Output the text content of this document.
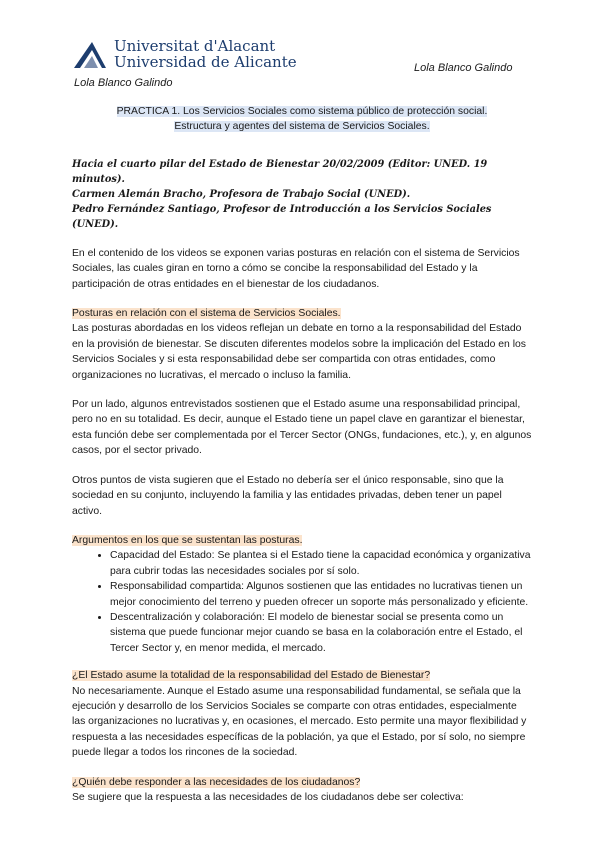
Universitat d'Alacant
Universidad de Alicante
Lola Blanco Galindo
Lola Blanco Galindo
PRACTICA 1. Los Servicios Sociales como sistema público de protección social.
Estructura y agentes del sistema de Servicios Sociales.
Hacia el cuarto pilar del Estado de Bienestar 20/02/2009 (Editor: UNED. 19 minutos).
Carmen Alemán Bracho, Profesora de Trabajo Social (UNED).
Pedro Fernández Santiago, Profesor de Introducción a los Servicios Sociales (UNED).

En el contenido de los videos se exponen varias posturas en relación con el sistema de Servicios Sociales, las cuales giran en torno a cómo se concibe la responsabilidad del Estado y la participación de otras entidades en el bienestar de los ciudadanos.

Posturas en relación con el sistema de Servicios Sociales.

Las posturas abordadas en los videos reflejan un debate en torno a la responsabilidad del Estado en la provisión de bienestar. Se discuten diferentes modelos sobre la implicación del Estado en los Servicios Sociales y si esta responsabilidad debe ser compartida con otras entidades, como organizaciones no lucrativas, el mercado o incluso la familia.

Por un lado, algunos entrevistados sostienen que el Estado asume una responsabilidad principal, pero no en su totalidad. Es decir, aunque el Estado tiene un papel clave en garantizar el bienestar, esta función debe ser complementada por el Tercer Sector (ONGs, fundaciones, etc.), y, en algunos casos, por el sector privado.

Otros puntos de vista sugieren que el Estado no debería ser el único responsable, sino que la sociedad en su conjunto, incluyendo la familia y las entidades privadas, deben tener un papel activo.

Argumentos en los que se sustentan las posturas.
• Capacidad del Estado: Se plantea si el Estado tiene la capacidad económica y organizativa para cubrir todas las necesidades sociales por sí solo.
• Responsabilidad compartida: Algunos sostienen que las entidades no lucrativas tienen un mejor conocimiento del terreno y pueden ofrecer un soporte más personalizado y eficiente.
• Descentralización y colaboración: El modelo de bienestar social se presenta como un sistema que puede funcionar mejor cuando se basa en la colaboración entre el Estado, el Tercer Sector y, en menor medida, el mercado.
¿El Estado asume la totalidad de la responsabilidad del Estado de Bienestar?

No necesariamente. Aunque el Estado asume una responsabilidad fundamental, se señala que la ejecución y desarrollo de los Servicios Sociales se comparte con otras entidades, especialmente las organizaciones no lucrativas y, en ocasiones, el mercado. Esto permite una mayor flexibilidad y respuesta a las necesidades específicas de la población, ya que el Estado, por sí solo, no siempre puede llegar a todos los rincones de la sociedad.

¿Quién debe responder a las necesidades de los ciudadanos?

Se sugiere que la respuesta a las necesidades de los ciudadanos debe ser colectiva:
